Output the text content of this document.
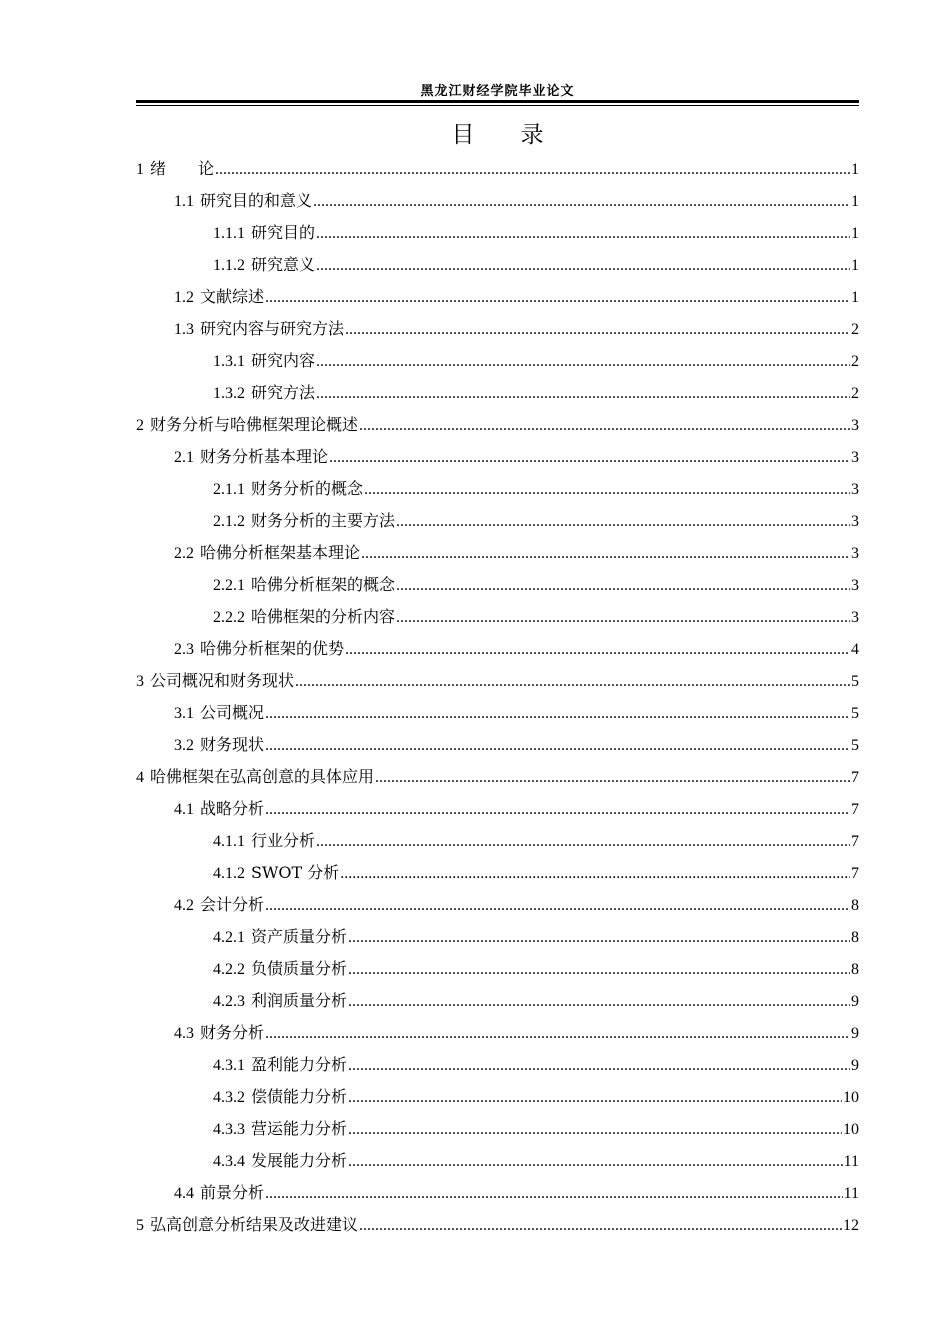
黑龙江财经学院毕业论文
目 录
1 绪　　论 .....	1
1.1 研究目的和意义 .....	1
1.1.1 研究目的 .....	1
1.1.2 研究意义 .....	1
1.2 文献综述 .....	1
1.3 研究内容与研究方法 .....	2
1.3.1 研究内容 .....	2
1.3.2 研究方法 .....	2
2 财务分析与哈佛框架理论概述 .....	3
2.1 财务分析基本理论 .....	3
2.1.1 财务分析的概念 .....	3
2.1.2 财务分析的主要方法 .....	3
2.2 哈佛分析框架基本理论 .....	3
2.2.1 哈佛分析框架的概念 .....	3
2.2.2 哈佛框架的分析内容 .....	3
2.3 哈佛分析框架的优势 .....	4
3 公司概况和财务现状 .....	5
3.1 公司概况 .....	5
3.2 财务现状 .....	5
4 哈佛框架在弘高创意的具体应用 .....	7
4.1 战略分析 .....	7
4.1.1 行业分析 .....	7
4.1.2 SWOT 分析 .....	7
4.2 会计分析 .....	8
4.2.1 资产质量分析 .....	8
4.2.2 负债质量分析 .....	8
4.2.3 利润质量分析 .....	9
4.3 财务分析 .....	9
4.3.1 盈利能力分析 .....	9
4.3.2 偿债能力分析 .....	10
4.3.3 营运能力分析 .....	10
4.3.4 发展能力分析 .....	11
4.4 前景分析 .....	11
5 弘高创意分析结果及改进建议 .....	12
